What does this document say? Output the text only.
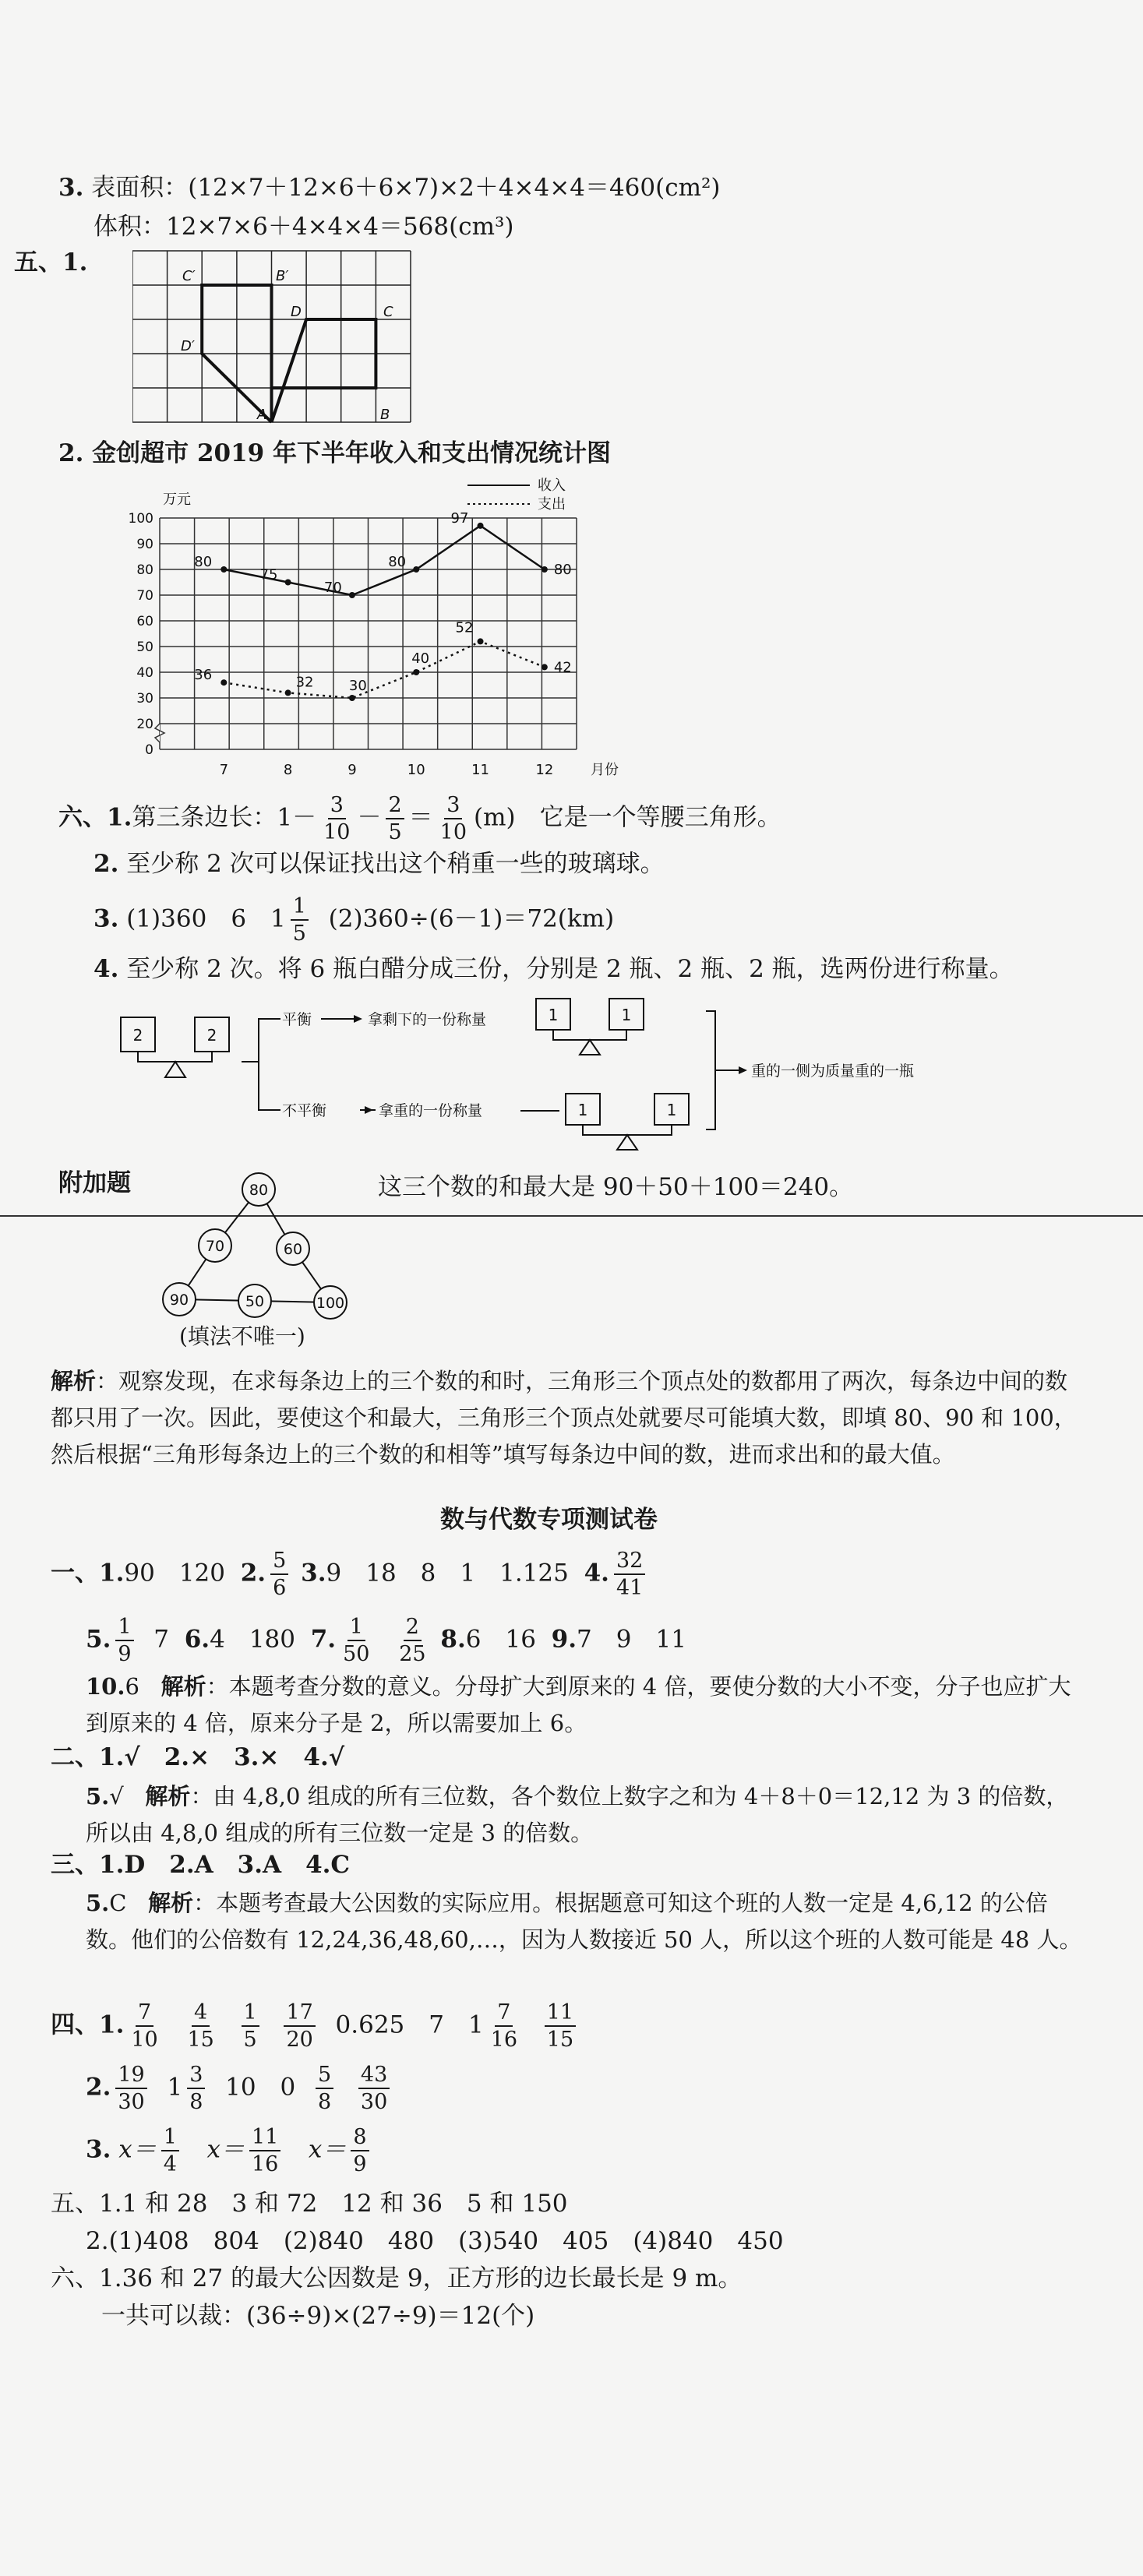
3. 表面积：(12×7＋12×6＋6×7)×2＋4×4×4＝460(cm²)
体积：12×7×6＋4×4×4＝568(cm³)
五、1.	C′	B′
D	C
D′
A	B
2. 金创超市 2019 年下半年收入和支出情况统计图
100
90
80
70
60
50
40
30
20
0
7	8	9	10	11	12	月份
万元
收入
支出
80
75
70
80
97
80
36	32	30
40
52
42
六、1.第三条边长：$1- \frac{3}{10} - \frac{2}{5} = \frac{3}{10} (m)$　它是一个等腰三角形。
2. 至少称 2 次可以保证找出这个稍重一些的玻璃球。
3. (1)360　6　$1 \frac{1}{5} (2)360\div(6-1)=72(km)$
4. 至少称 2 次。将 6 瓶白醋分成三份，分别是 2 瓶、2 瓶、2 瓶，选两份进行称量。
2	2
1	1
1	1
平衡	拿剩下的一份称量
不平衡	拿重的一份称量
重的一侧为质量重的一瓶
附加题	这三个数的和最大是 90＋50＋100＝240。
80
70	60
90	50	100
(填法不唯一)
解析：观察发现，在求每条边上的三个数的和时，三角形三个顶点处的数都用了两次，每条边中间的数都只用了一次。因此，要使这个和最大，三角形三个顶点处就要尽可能填大数，即填 80、90 和 100，然后根据“三角形每条边上的三个数的和相等”填写每条边中间的数，进而求出和的最大值。
数与代数专项测试卷
一、1.90　120 2. $\frac{5}{6} 3.9$　18　8　1　1.125 4. $\frac{32}{41}$
5. $\frac{1}{9} 7$ 6.4　180 7. $\frac{1}{50}$
$\frac{2}{25} 8.6$　16 9.7　9　11
10.6 解析：本题考查分数的意义。分母扩大到原来的 4 倍，要使分数的大小不变，分子也应扩大到原来的 4 倍，原来分子是 2，所以需要加上 6。
二、1.√　2.×　3.×　4.√
5.√ 解析：由 4,8,0 组成的所有三位数，各个数位上数字之和为 4＋8＋0＝12,12 为 3 的倍数，所以由 4,8,0 组成的所有三位数一定是 3 的倍数。
三、1.D　2.A　3.A　4.C
5.C 解析：本题考查最大公因数的实际应用。根据题意可知这个班的人数一定是 4,6,12 的公倍数。他们的公倍数有 12,24,36,48,60,…，因为人数接近 50 人，所以这个班的人数可能是 48 人。
四、1. $\frac{7}{10}$
$\frac{4}{15}$
$\frac{1}{5}$
$\frac{17}{20} 0.625$　7　$1 \frac{7}{16}$
$\frac{11}{15}$
2. $\frac{19}{30} 1 \frac{3}{8} 10$　$0 \frac{5}{8}$
$\frac{43}{30}$
3. $x= \frac{1}{4} x= \frac{11}{16} x= \frac{8}{9}$
五、1.1 和 28　3 和 72　12 和 36　5 和 150
2.(1)408　804　(2)840　480　(3)540　405　(4)840　450
六、1.36 和 27 的最大公因数是 9，正方形的边长最长是 9 m。
一共可以裁：(36÷9)×(27÷9)＝12(个)
